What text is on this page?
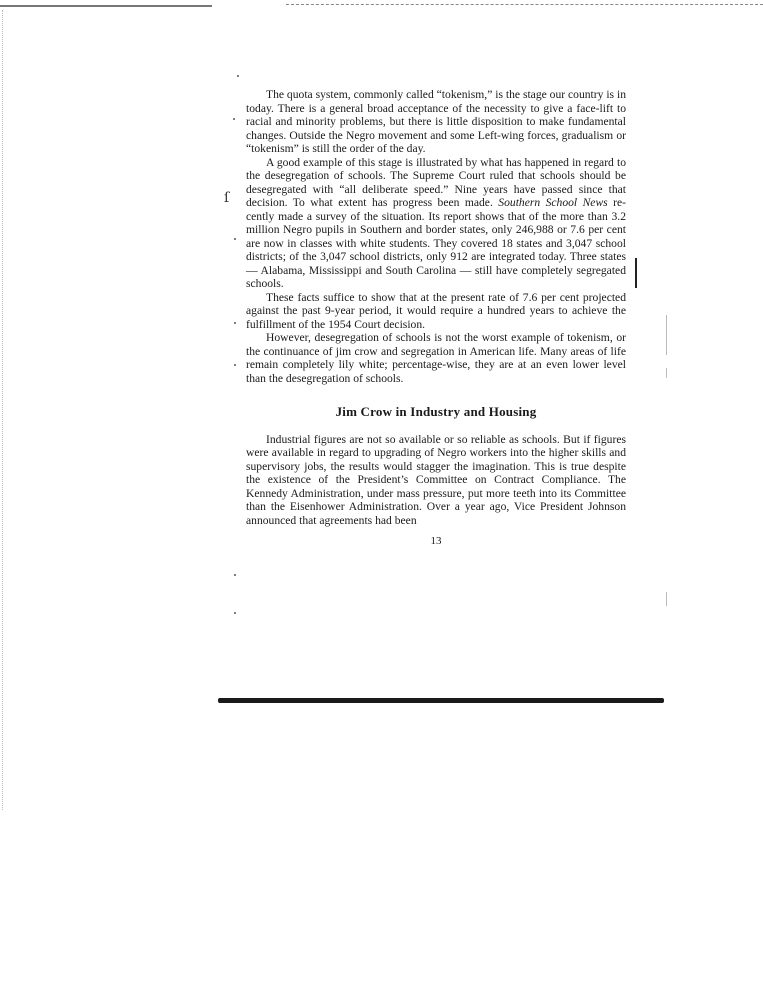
ſ

The quota system, commonly called “tokenism,” is the stage our country is in today. There is a general broad acceptance of the necessity to give a face-lift to racial and minority problems, but there is little disposition to make fundamental changes. Outside the Negro movement and some Left-wing forces, gradualism or “tokenism” is still the order of the day.

A good example of this stage is illustrated by what has happened in regard to the desegregation of schools. The Supreme Court ruled that schools should be desegregated with “all deliberate speed.” Nine years have passed since that decision. To what extent has progress been made. Southern School News re- cently made a survey of the situation. Its report shows that of the more than 3.2 million Negro pupils in Southern and border states, only 246,988 or 7.6 per cent are now in classes with white students. They covered 18 states and 3,047 school districts; of the 3,047 school districts, only 912 are integrated today. Three states — Alabama, Mississippi and South Carolina — still have completely segregated schools.

These facts suffice to show that at the present rate of 7.6 per cent projected against the past 9-year period, it would require a hundred years to achieve the fulfillment of the 1954 Court decision.

However, desegregation of schools is not the worst example of tokenism, or the continuance of jim crow and segregation in American life. Many areas of life remain completely lily white; percentage-wise, they are at an even lower level than the desegregation of schools.

Jim Crow in Industry and Housing

Industrial figures are not so available or so reliable as schools. But if figures were available in regard to upgrading of Negro workers into the higher skills and supervisory jobs, the results would stagger the imagination. This is true despite the existence of the President’s Committee on Contract Compliance. The Kennedy Administration, under mass pressure, put more teeth into its Committee than the Eisenhower Administration. Over a year ago, Vice President Johnson announced that agreements had been

13
